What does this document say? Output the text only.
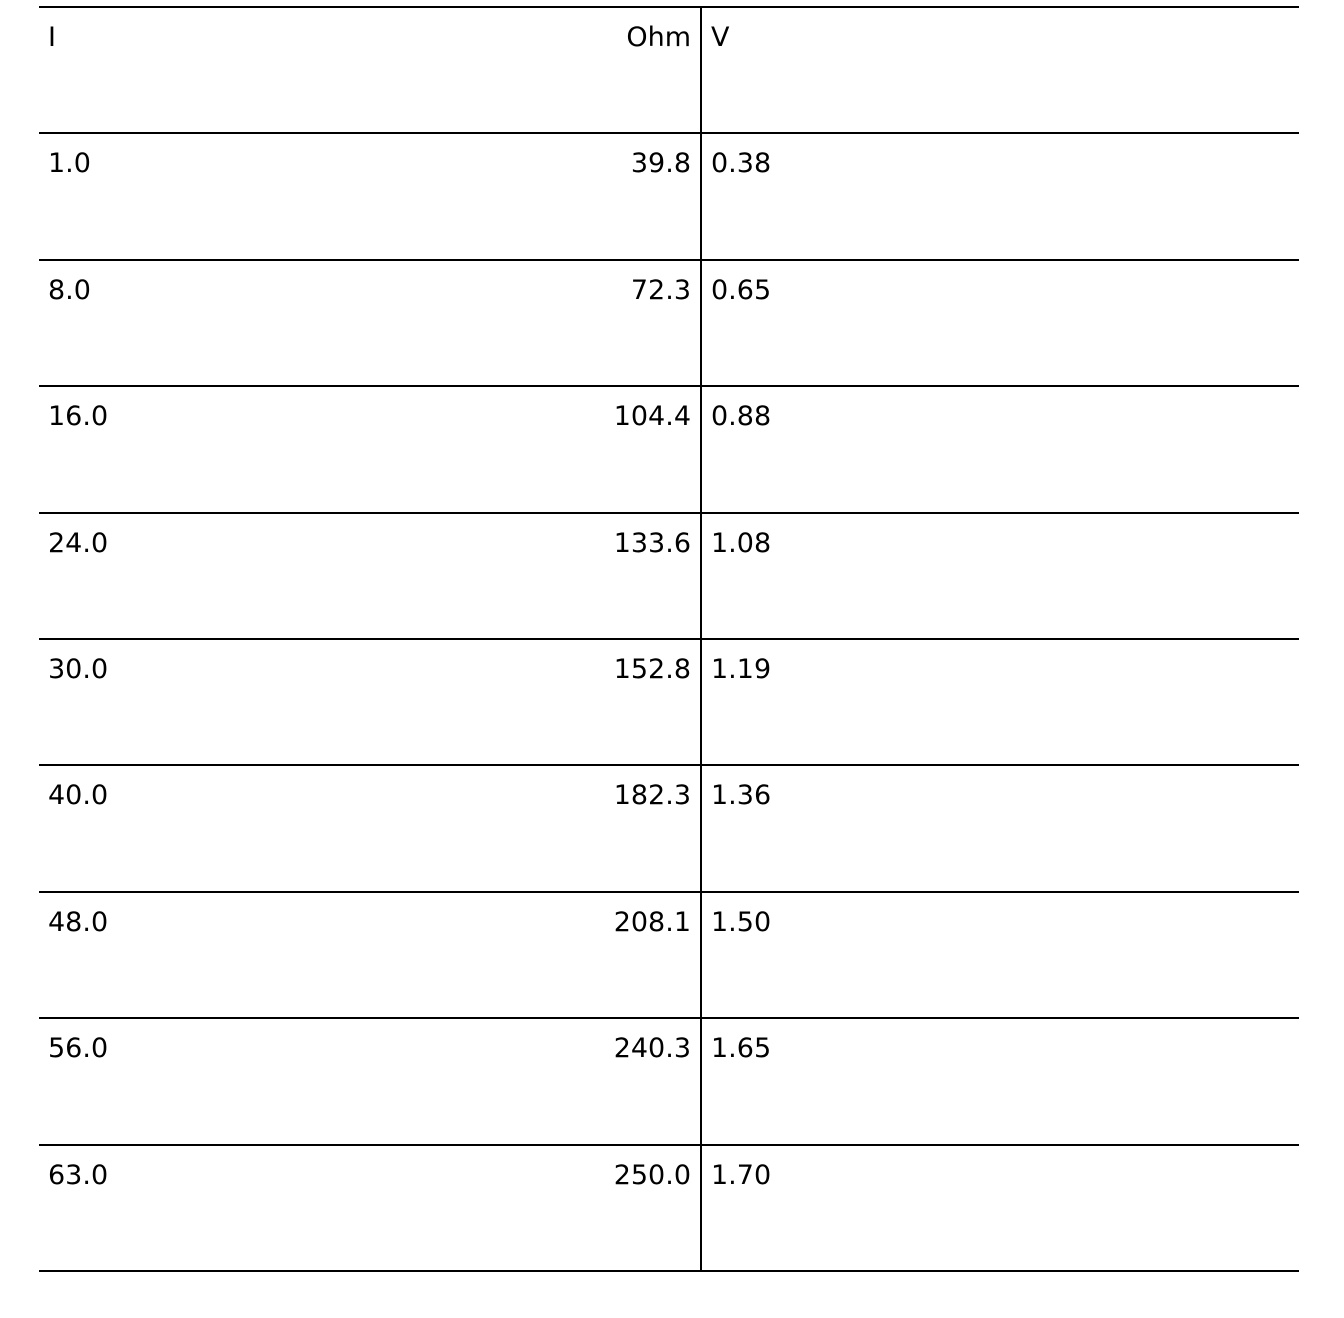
I	Ohm	V
1.0	39.8	0.38
8.0	72.3	0.65
16.0	104.4	0.88
24.0	133.6	1.08
30.0	152.8	1.19
40.0	182.3	1.36
48.0	208.1	1.50
56.0	240.3	1.65
63.0	250.0	1.70
